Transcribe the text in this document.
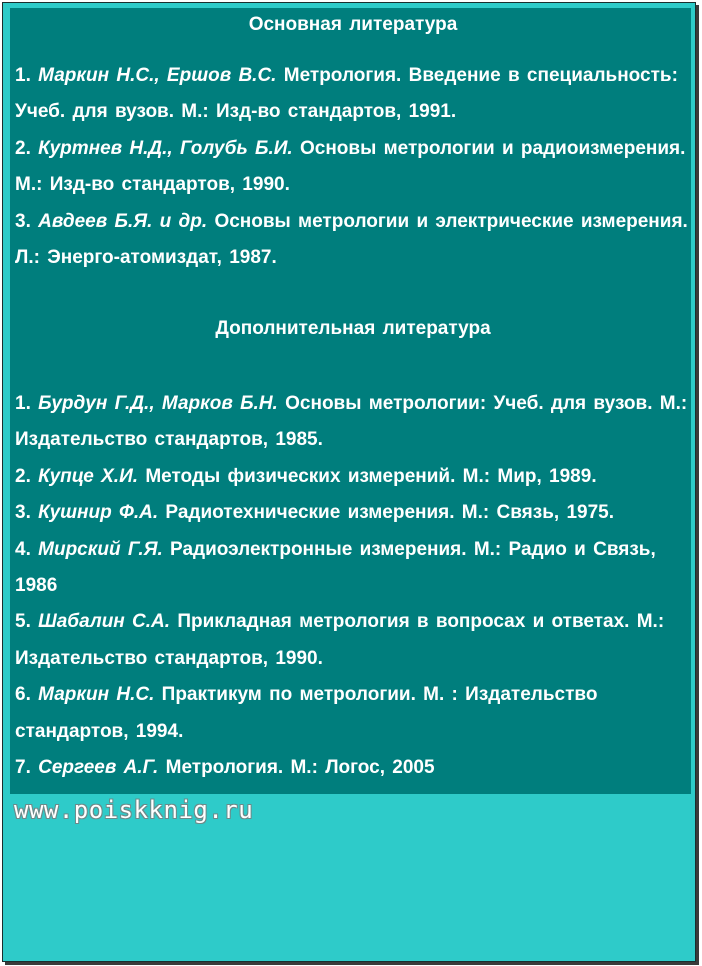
Основная литература

1. Маркин Н.С., Ершов В.С. Метрология. Введение в специальность: Учеб. для вузов. М.: Изд-во стандартов, 1991.
2. Куртнев Н.Д., Голубь Б.И. Основы метрологии и радиоизмерения. М.: Изд-во стандартов, 1990.
3. Авдеев Б.Я. и др. Основы метрологии и электрические измерения. Л.: Энерго-атомиздат, 1987.

Дополнительная литература

1. Бурдун Г.Д., Марков Б.Н. Основы метрологии: Учеб. для вузов. М.: Издательство стандартов, 1985.
2. Купце Х.И. Методы физических измерений. М.: Мир, 1989.
3. Кушнир Ф.А. Радиотехнические измерения. М.: Связь, 1975.
4. Мирский Г.Я. Радиоэлектронные измерения. М.: Радио и Связь, 1986
5. Шабалин С.А. Прикладная метрология в вопросах и ответах. М.: Издательство стандартов, 1990.
6. Маркин Н.С. Практикум по метрологии. М. : Издательство стандартов, 1994.
7. Сергеев А.Г. Метрология. М.: Логос, 2005
www.poiskknig.ru
